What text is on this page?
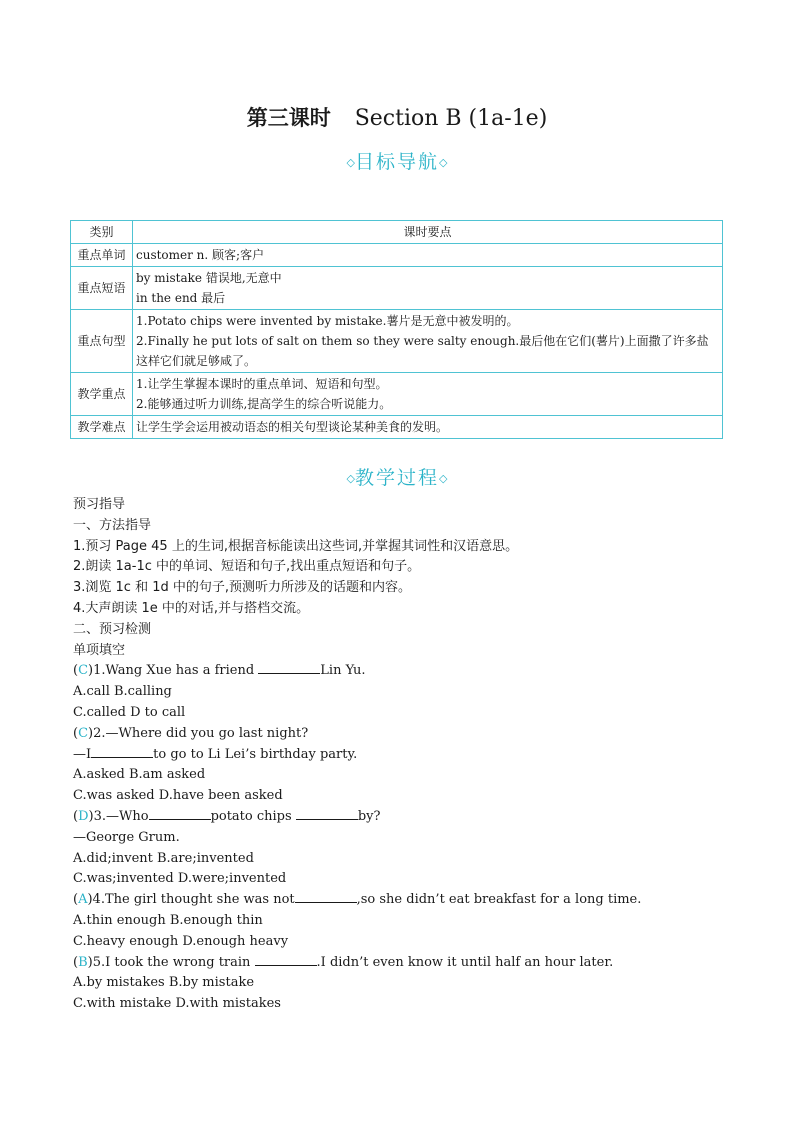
第三课时 Section B (1a-1e)
◇目标导航◇
类别	课时要点
重点单词	customer n. 顾客;客户

重点短语	by mistake 错误地,无意中
in the end 最后

重点句型	1.Potato chips were invented by mistake.薯片是无意中被发明的。
2.Finally he put lots of salt on them so they were salty enough.最后他在它们(薯片)上面撒了许多盐这样它们就足够咸了。

教学重点	1.让学生掌握本课时的重点单词、短语和句型。
2.能够通过听力训练,提高学生的综合听说能力。

教学难点	让学生学会运用被动语态的相关句型谈论某种美食的发明。
◇教学过程◇
预习指导
一、方法指导
1.预习 Page 45 上的生词,根据音标能读出这些词,并掌握其词性和汉语意思。
2.朗读 1a-1c 中的单词、短语和句子,找出重点短语和句子。
3.浏览 1c 和 1d 中的句子,预测听力所涉及的话题和内容。
4.大声朗读 1e 中的对话,并与搭档交流。
二、预习检测
单项填空
(C)1.Wang Xue has a friend	Lin Yu.
A.call B.calling
C.called D to call
(C)2.—Where did you go last night?
—I	to go to Li Lei’s birthday party.
A.asked B.am asked
C.was asked D.have been asked
(D)3.—Who	potato chips	by?
—George Grum.
A.did;invent B.are;invented
C.was;invented D.were;invented
(A)4.The girl thought she was not	,so she didn’t eat breakfast for a long time.
A.thin enough B.enough thin
C.heavy enough D.enough heavy
(B)5.I took the wrong train	.I didn’t even know it until half an hour later.
A.by mistakes B.by mistake
C.with mistake D.with mistakes
